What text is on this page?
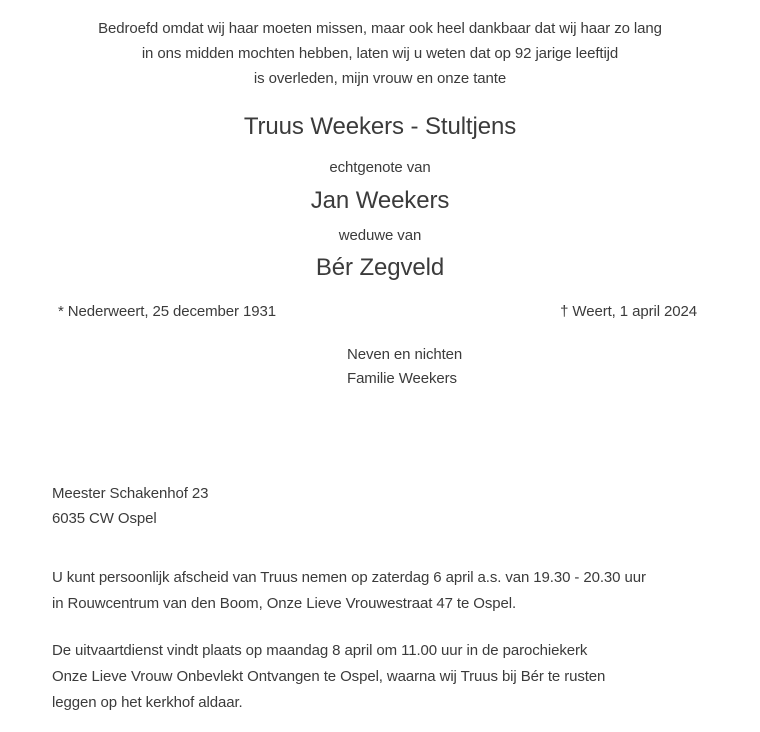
Bedroefd omdat wij haar moeten missen, maar ook heel dankbaar dat wij haar zo lang
in ons midden mochten hebben, laten wij u weten dat op 92 jarige leeftijd
is overleden, mijn vrouw en onze tante
Truus Weekers - Stultjens
echtgenote van
Jan Weekers
weduwe van
Bér Zegveld
* Nederweert, 25 december 1931	† Weert, 1 april 2024
Neven en nichten
Familie Weekers
Meester Schakenhof 23
6035 CW Ospel
U kunt persoonlijk afscheid van Truus nemen op zaterdag 6 april a.s. van 19.30 - 20.30 uur
in Rouwcentrum van den Boom, Onze Lieve Vrouwestraat 47 te Ospel.
De uitvaartdienst vindt plaats op maandag 8 april om 11.00 uur in de parochiekerk
Onze Lieve Vrouw Onbevlekt Ontvangen te Ospel, waarna wij Truus bij Bér te rusten
leggen op het kerkhof aldaar.
